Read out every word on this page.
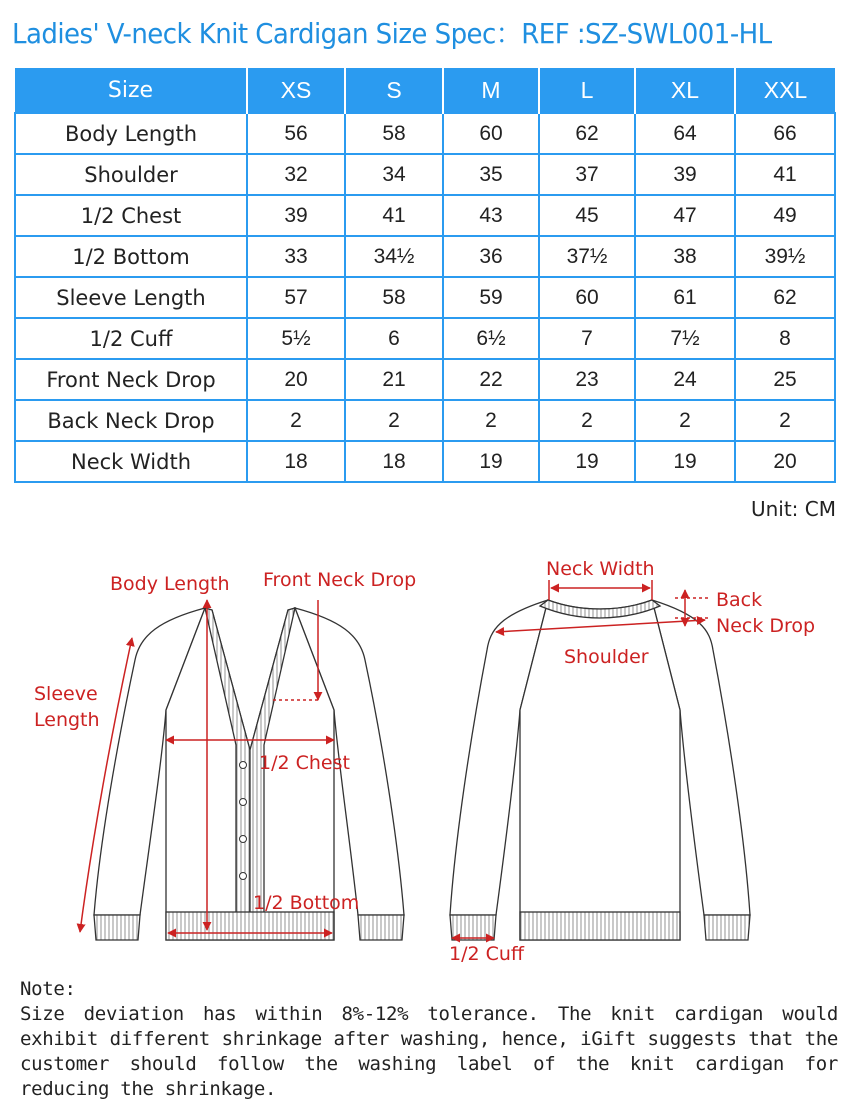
Ladies' V-neck Knit Cardigan Size Spec：REF :SZ-SWL001-HL
Size	XS	S	M	L	XL	XXL
Body Length	56	58	60	62	64	66
Shoulder	32	34	35	37	39	41
1/2 Chest	39	41	43	45	47	49
1/2 Bottom	33	34½	36	37½	38	39½
Sleeve Length	57	58	59	60	61	62
1/2 Cuff	5½	6	6½	7	7½	8
Front Neck Drop	20	21	22	23	24	25
Back Neck Drop	2	2	2	2	2	2
Neck Width	18	18	19	19	19	20
Unit: CM
Body Length Front Neck Drop
Sleeve
Length
1/2 Chest
1/2 Bottom
Neck Width
Back
Neck Drop
Shoulder
1/2 Cuff

Note:

Size deviation has within 8%-12% tolerance. The knit cardigan would exhibit different shrinkage after washing, hence, iGift suggests that the customer should follow the washing label of the knit cardigan for reducing the shrinkage.
